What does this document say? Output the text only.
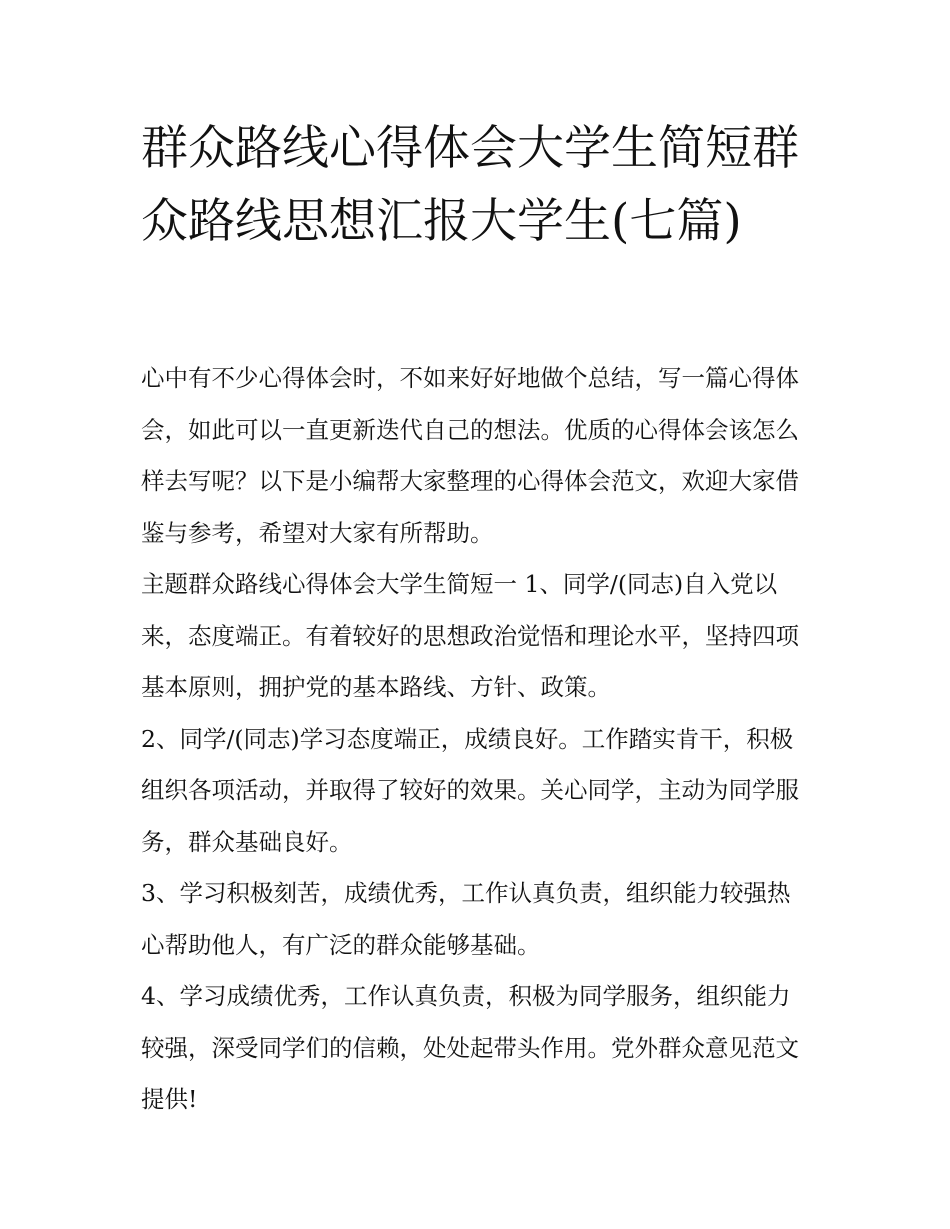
群众路线心得体会大学生简短群众路线思想汇报大学生(七篇)

心中有不少心得体会时，不如来好好地做个总结，写一篇心得体会，如此可以一直更新迭代自己的想法。优质的心得体会该怎么样去写呢？以下是小编帮大家整理的心得体会范文，欢迎大家借鉴与参考，希望对大家有所帮助。

主题群众路线心得体会大学生简短一 1、同学/(同志)自入党以来，态度端正。有着较好的思想政治觉悟和理论水平，坚持四项基本原则，拥护党的基本路线、方针、政策。

2、同学/(同志)学习态度端正，成绩良好。工作踏实肯干，积极组织各项活动，并取得了较好的效果。关心同学，主动为同学服务，群众基础良好。

3、学习积极刻苦，成绩优秀，工作认真负责，组织能力较强热心帮助他人，有广泛的群众能够基础。

4、学习成绩优秀，工作认真负责，积极为同学服务，组织能力较强，深受同学们的信赖，处处起带头作用。党外群众意见范文提供!
